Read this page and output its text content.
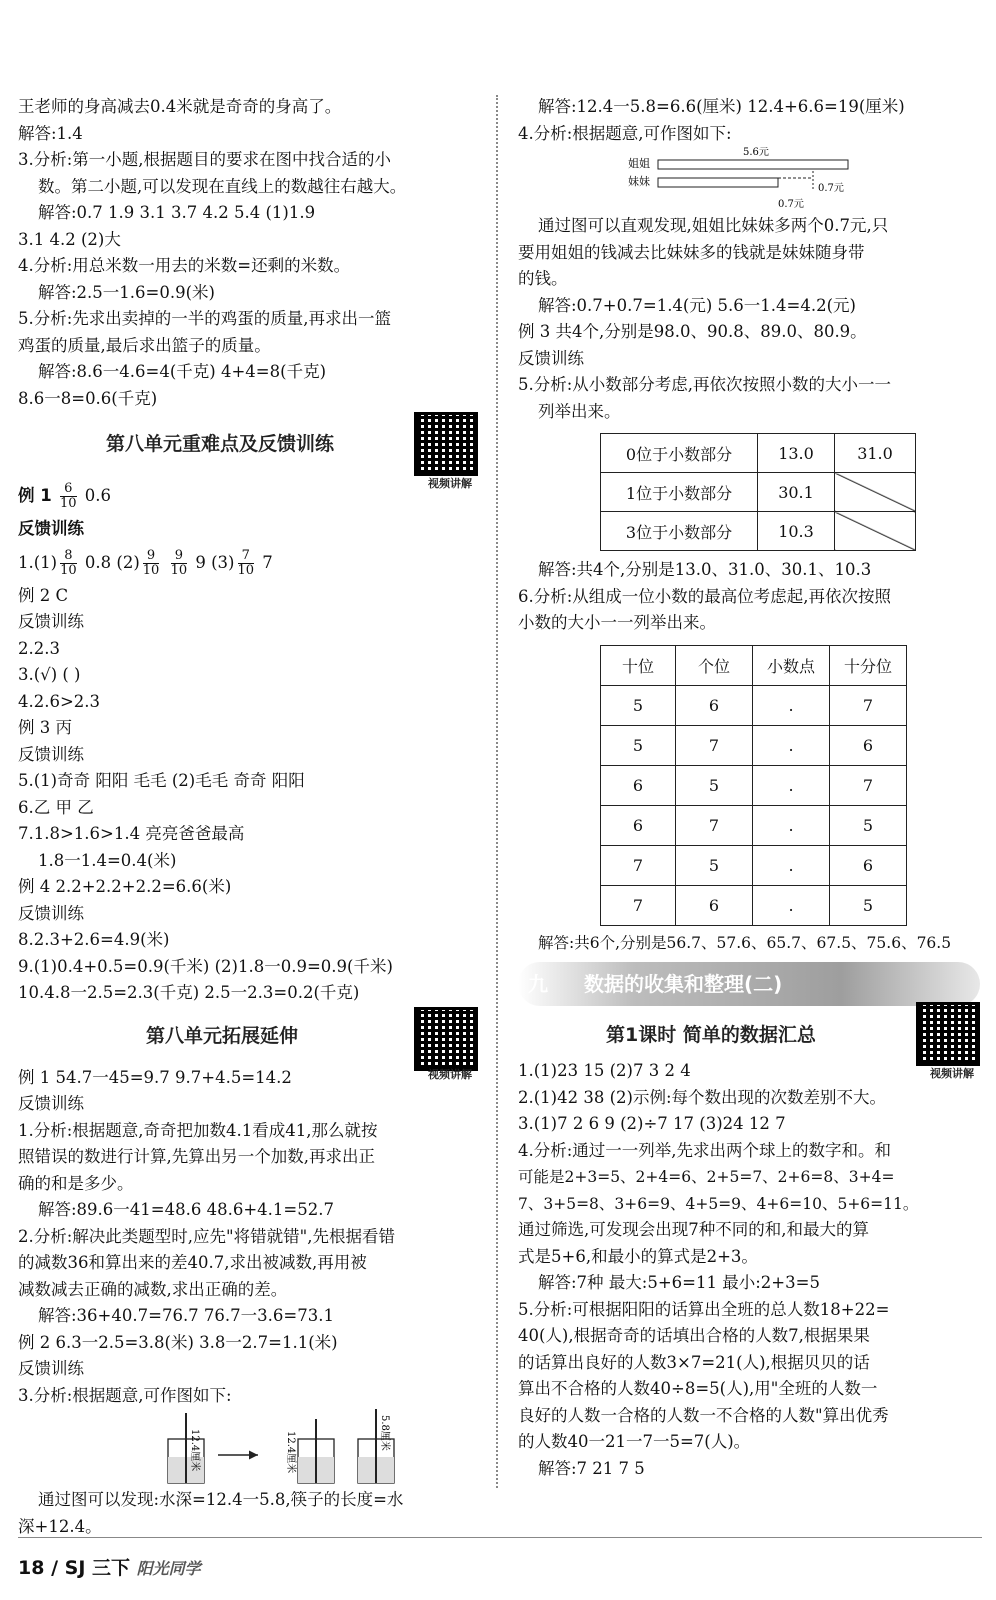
王老师的身高减去0.4米就是奇奇的身高了。
解答:1.4
3.分析:第一小题,根据题目的要求在图中找合适的小
数。第二小题,可以发现在直线上的数越往右越大。
解答:0.7 1.9 3.1 3.7 4.2 5.4 (1)1.9
3.1 4.2 (2)大
4.分析:用总米数一用去的米数=还剩的米数。
解答:2.5一1.6=0.9(米)
5.分析:先求出卖掉的一半的鸡蛋的质量,再求出一篮
鸡蛋的质量,最后求出篮子的质量。
解答:8.6一4.6=4(千克) 4+4=8(千克)
8.6一8=0.6(千克)
第八单元重难点及反馈训练
视频讲解
例 $1 \frac{6}{10} 0.6$
反馈训练
$1.(1) \frac{8}{10} 0.8$ $(2) \frac{9}{10}$
$\frac{9}{10} 9$ $(3) \frac{7}{10} 7$
例 2 C
反馈训练
2.2.3
3.(√) ( )
4.2.6>2.3
例 3 丙
反馈训练
5.(1)奇奇 阳阳 毛毛 (2)毛毛 奇奇 阳阳
6.乙 甲 乙
7.1.8>1.6>1.4 亮亮爸爸最高
1.8一1.4=0.4(米)
例 4 2.2+2.2+2.2=6.6(米)
反馈训练
8.2.3+2.6=4.9(米)
9.(1)0.4+0.5=0.9(千米) (2)1.8一0.9=0.9(千米)
10.4.8一2.5=2.3(千克) 2.5一2.3=0.2(千克)
第八单元拓展延伸
视频讲解
例 1 54.7一45=9.7 9.7+4.5=14.2
反馈训练
1.分析:根据题意,奇奇把加数4.1看成41,那么就按
照错误的数进行计算,先算出另一个加数,再求出正
确的和是多少。
解答:89.6一41=48.6 48.6+4.1=52.7
2.分析:解决此类题型时,应先"将错就错",先根据看错
的减数36和算出来的差40.7,求出被减数,再用被
减数减去正确的减数,求出正确的差。
解答:36+40.7=76.7 76.7一3.6=73.1
例 2 6.3一2.5=3.8(米) 3.8一2.7=1.1(米)
反馈训练
3.分析:根据题意,可作图如下:
12.4厘米	12.4厘米	5.8厘米
通过图可以发现:水深=12.4一5.8,筷子的长度=水
深+12.4。
解答:12.4一5.8=6.6(厘米) 12.4+6.6=19(厘米)
4.分析:根据题意,可作图如下:
姐姐
妹妹
5.6元
0.7元
0.7元
通过图可以直观发现,姐姐比妹妹多两个0.7元,只
要用姐姐的钱减去比妹妹多的钱就是妹妹随身带
的钱。
解答:0.7+0.7=1.4(元) 5.6一1.4=4.2(元)
例 3 共4个,分别是98.0、90.8、89.0、80.9。
反馈训练
5.分析:从小数部分考虑,再依次按照小数的大小一一
列举出来。
0位于小数部分	13.0	31.0
1位于小数部分	30.1	
3位于小数部分	10.3	
解答:共4个,分别是13.0、31.0、30.1、10.3
6.分析:从组成一位小数的最高位考虑起,再依次按照
小数的大小一一列举出来。
十位	个位	小数点	十分位
5	6	.	7
5	7	.	6
6	5	.	7
6	7	.	5
7	5	.	6
7	6	.	5
解答:共6个,分别是56.7、57.6、65.7、67.5、75.6、76.5
九 数据的收集和整理(二)
第1课时 简单的数据汇总
视频讲解
1.(1)23 15 (2)7 3 2 4
2.(1)42 38 (2)示例:每个数出现的次数差别不大。
3.(1)7 2 6 9 (2)÷7 17 (3)24 12 7
4.分析:通过一一列举,先求出两个球上的数字和。和
可能是2+3=5、2+4=6、2+5=7、2+6=8、3+4=
7、3+5=8、3+6=9、4+5=9、4+6=10、5+6=11。
通过筛选,可发现会出现7种不同的和,和最大的算
式是5+6,和最小的算式是2+3。
解答:7种 最大:5+6=11 最小:2+3=5
5.分析:可根据阳阳的话算出全班的总人数18+22=
40(人),根据奇奇的话填出合格的人数7,根据果果
的话算出良好的人数3×7=21(人),根据贝贝的话
算出不合格的人数40÷8=5(人),用"全班的人数一
良好的人数一合格的人数一不合格的人数"算出优秀
的人数40一21一7一5=7(人)。
解答:7 21 7 5
18 / SJ 三下 阳光同学
